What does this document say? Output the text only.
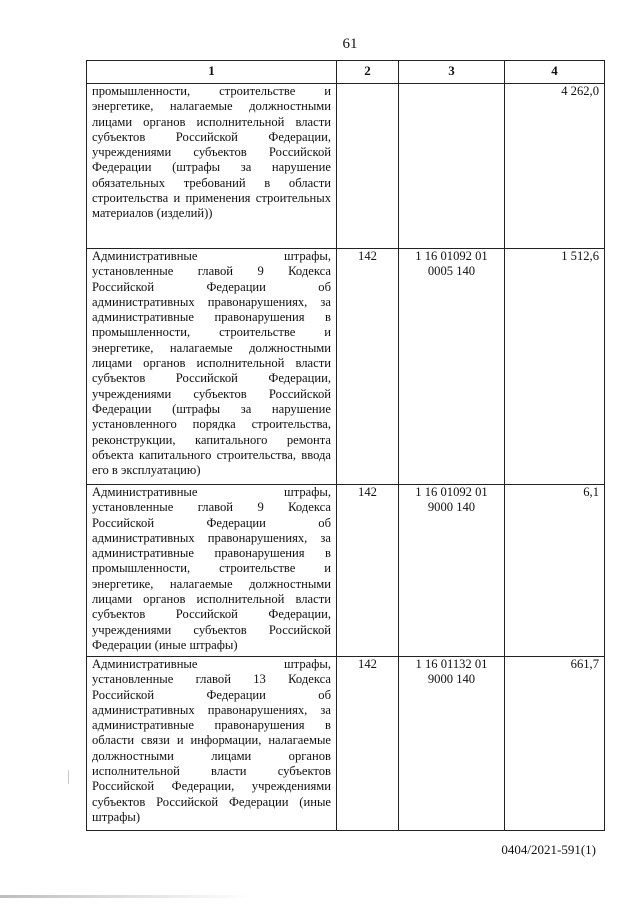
61
1	2	3	4
промышленности, строительстве и энергетике, налагаемые должностными лицами органов исполнительной власти субъектов Российской Федерации, учреждениями субъектов Российской Федерации (штрафы за нарушение обязательных требований в области строительства и применения строительных материалов (изделий))			4 262,0
Административные штрафы, установленные главой 9 Кодекса Российской Федерации об административных правонарушениях, за административные правонарушения в промышленности, строительстве и энергетике, налагаемые должностными лицами органов исполнительной власти субъектов Российской Федерации, учреждениями субъектов Российской Федерации (штрафы за нарушение установленного порядка строительства, реконструкции, капитального ремонта объекта капитального строительства, ввода его в эксплуатацию)	142	1 16 01092 01 0005 140	1 512,6
Административные штрафы, установленные главой 9 Кодекса Российской Федерации об административных правонарушениях, за административные правонарушения в промышленности, строительстве и энергетике, налагаемые должностными лицами органов исполнительной власти субъектов Российской Федерации, учреждениями субъектов Российской Федерации (иные штрафы)	142	1 16 01092 01 9000 140	6,1
Административные штрафы, установленные главой 13 Кодекса Российской Федерации об административных правонарушениях, за административные правонарушения в области связи и информации, налагаемые должностными лицами органов исполнительной власти субъектов Российской Федерации, учреждениями субъектов Российской Федерации (иные штрафы)	142	1 16 01132 01 9000 140	661,7
0404/2021-591(1)
